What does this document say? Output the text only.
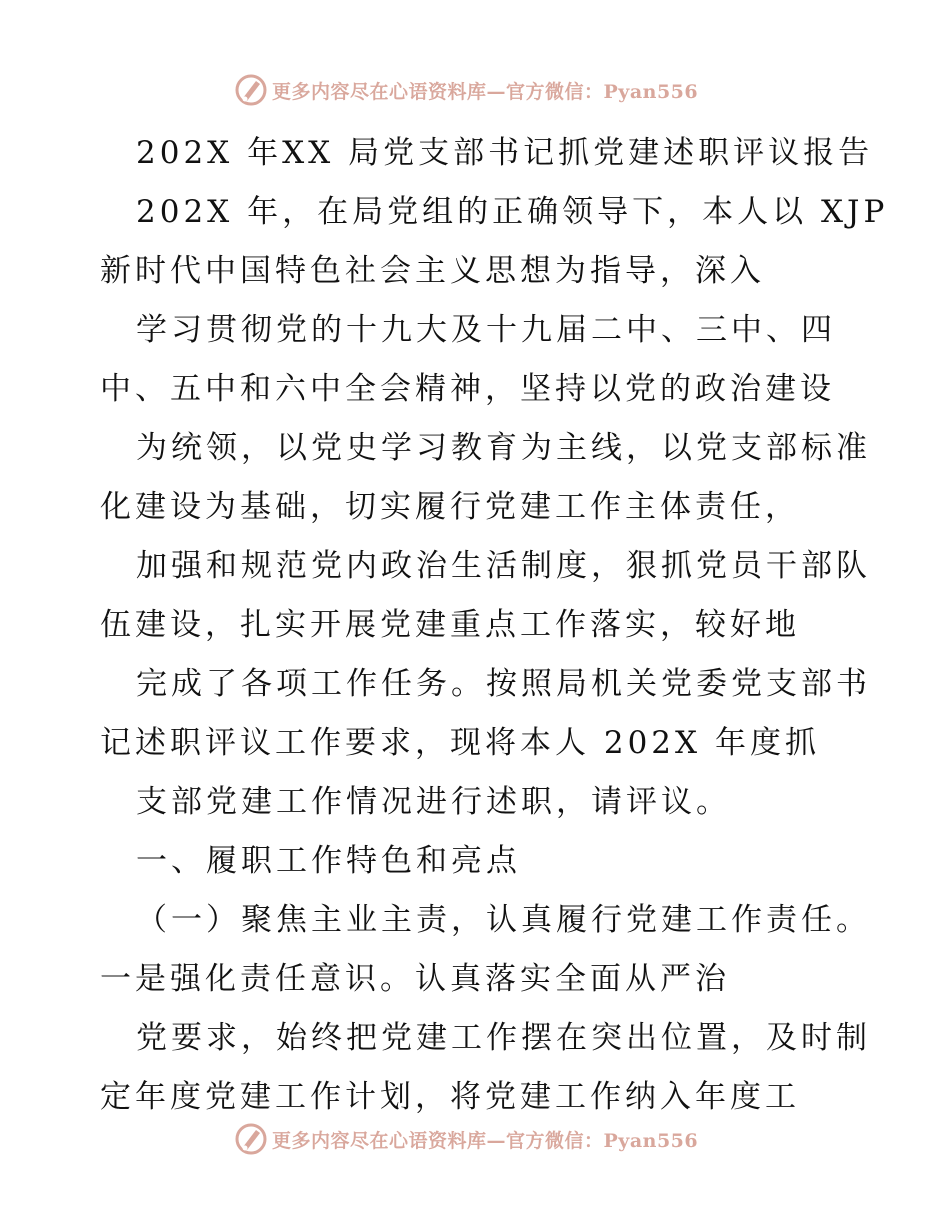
更多内容尽在心语资料库—官方微信：Pyan556
202X 年XX 局党支部书记抓党建述职评议报告
202X 年，在局党组的正确领导下，本人以 XJP
新时代中国特色社会主义思想为指导，深入
学习贯彻党的十九大及十九届二中、三中、四
中、五中和六中全会精神，坚持以党的政治建设
为统领，以党史学习教育为主线，以党支部标准
化建设为基础，切实履行党建工作主体责任，
加强和规范党内政治生活制度，狠抓党员干部队
伍建设，扎实开展党建重点工作落实，较好地
完成了各项工作任务。按照局机关党委党支部书
记述职评议工作要求，现将本人 202X 年度抓
支部党建工作情况进行述职，请评议。
一、履职工作特色和亮点
（一）聚焦主业主责，认真履行党建工作责任。
一是强化责任意识。认真落实全面从严治
党要求，始终把党建工作摆在突出位置，及时制
定年度党建工作计划，将党建工作纳入年度工
更多内容尽在心语资料库—官方微信：Pyan556
